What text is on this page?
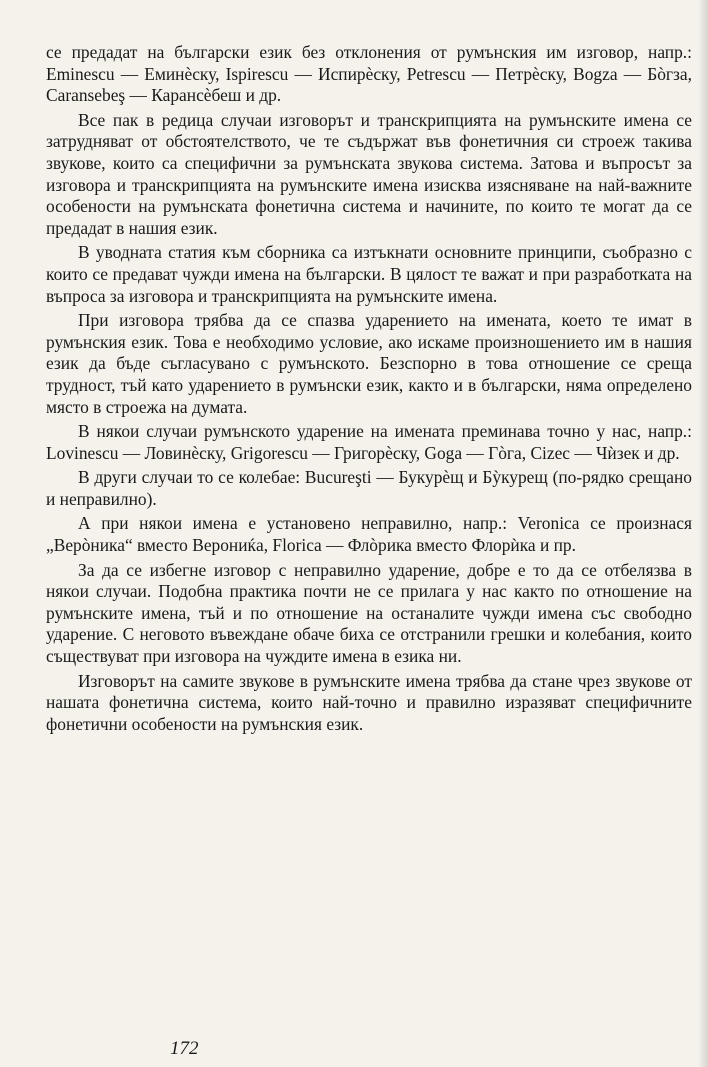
се предадат на български език без отклонения от румънския им изговор, напр.: Eminescu — Еминèску, Ispirescu — Испирèску, Petrescu — Петрèску, Bogza — Бòгза, Caransebeş — Карансèбеш и др.

Все пак в редица случаи изговорът и транскрипцията на румънските имена се затрудняват от обстоятелството, че те съдържат във фонетичния си строеж такива звукове, които са специфични за румънската звукова система. Затова и въпросът за изговора и транскрипцията на румънските имена изисква изясняване на най-важните особености на румънската фонетична система и начините, по които те могат да се предадат в нашия език.

В уводната статия към сборника са изтъкнати основните принципи, съобразно с които се предават чужди имена на български. В цялост те важат и при разработката на въпроса за изговора и транскрипцията на румънските имена.

При изговора трябва да се спазва ударението на имената, което те имат в румънския език. Това е необходимо условие, ако искаме произношението им в нашия език да бъде съгласувано с румънското. Безспорно в това отношение се среща трудност, тъй като ударението в румънски език, както и в български, няма определено място в строежа на думата.

В някои случаи румънското ударение на имената преминава точно у нас, напр.: Lovinescu — Ловинèску, Grigorescu — Григорèску, Goga — Гòга, Cizec — Чѝзек и др.

В други случаи то се колебае: Bucureşti — Букурèщ и Бỳкурещ (по-рядко срещано и неправилно).

А при някои имена е установено неправилно, напр.: Veronica се произнася „Верòника“ вместо Верониќа, Florica — Флòрика вместо Флорѝка и пр.

За да се избегне изговор с неправилно ударение, добре е то да се отбелязва в някои случаи. Подобна практика почти не се прилага у нас както по отношение на румънските имена, тъй и по отношение на останалите чужди имена със свободно ударение. С неговото въвеждане обаче биха се отстранили грешки и колебания, които съществуват при изговора на чуждите имена в езика ни.

Изговорът на самите звукове в румънските имена трябва да стане чрез звукове от нашата фонетична система, които най-точно и правилно изразяват специфичните фонетични особености на румънския език.

172
